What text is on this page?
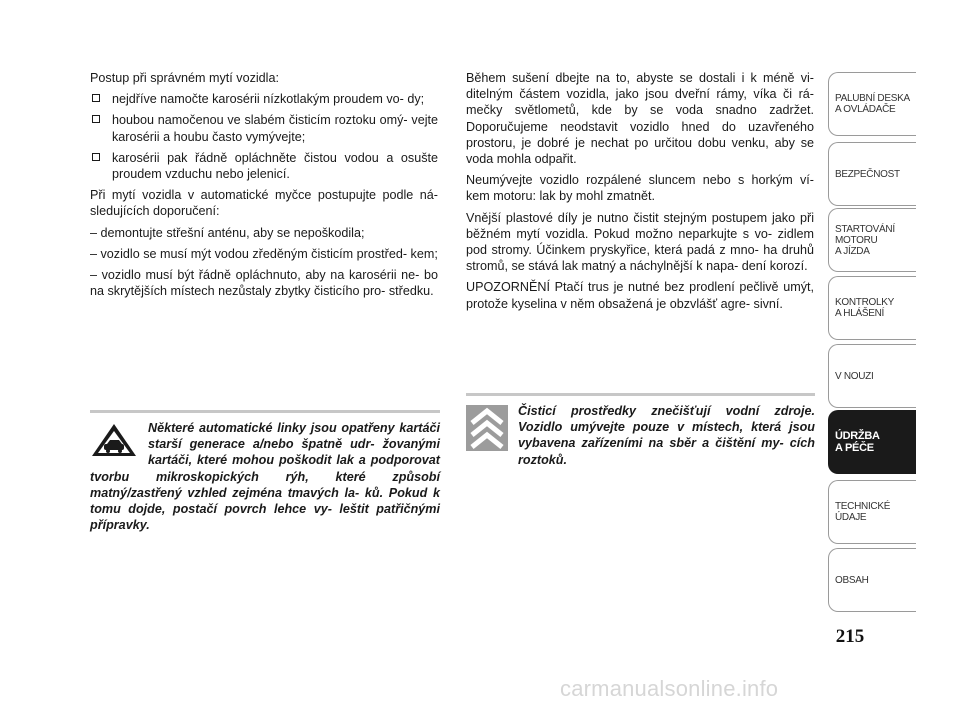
Postup při správném mytí vozidla:

nejdříve namočte karosérii nízkotlakým proudem vo- dy;
houbou namočenou ve slabém čisticím roztoku omý- vejte karosérii a houbu často vymývejte;
karosérii pak řádně opláchněte čistou vodou a osušte proudem vzduchu nebo jelenicí.

Při mytí vozidla v automatické myčce postupujte podle ná- sledujících doporučení:

– demontujte střešní anténu, aby se nepoškodila;

– vozidlo se musí mýt vodou zředěným čisticím prostřed- kem;

– vozidlo musí být řádně opláchnuto, aby na karosérii ne- bo na skrytějších místech nezůstaly zbytky čisticího pro- středku.

Některé automatické linky jsou opatřeny kartáči starší generace a/nebo špatně udr- žovanými kartáči, které mohou poškodit lak a podporovat tvorbu mikroskopických rýh, které způsobí matný/zastřený vzhled zejména tmavých la- ků. Pokud k tomu dojde, postačí povrch lehce vy- leštit patřičnými přípravky.

Během sušení dbejte na to, abyste se dostali i k méně vi- ditelným částem vozidla, jako jsou dveřní rámy, víka či rá- mečky světlometů, kde by se voda snadno zadržet. Doporučujeme neodstavit vozidlo hned do uzavřeného prostoru, je dobré je nechat po určitou dobu venku, aby se voda mohla odpařit.

Neumývejte vozidlo rozpálené sluncem nebo s horkým ví- kem motoru: lak by mohl zmatnět.

Vnější plastové díly je nutno čistit stejným postupem jako při běžném mytí vozidla. Pokud možno neparkujte s vo- zidlem pod stromy. Účinkem pryskyřice, která padá z mno- ha druhů stromů, se stává lak matný a náchylnější k napa- dení korozí.

UPOZORNĚNÍ Ptačí trus je nutné bez prodlení pečlivě umýt, protože kyselina v něm obsažená je obzvlášť agre- sivní.

Čisticí prostředky znečišťují vodní zdroje. Vozidlo umývejte pouze v místech, která jsou vybavena zařízeními na sběr a čištění my- cích roztoků.
PALUBNÍ DESKA
A OVLÁDAČE
BEZPEČNOST
STARTOVÁNÍ
MOTORU
A JÍZDA
KONTROLKY
A HLÁŠENÍ
V NOUZI
ÚDRŽBA
A PÉČE
TECHNICKÉ
ÚDAJE
OBSAH
215
carmanualsonline.info
